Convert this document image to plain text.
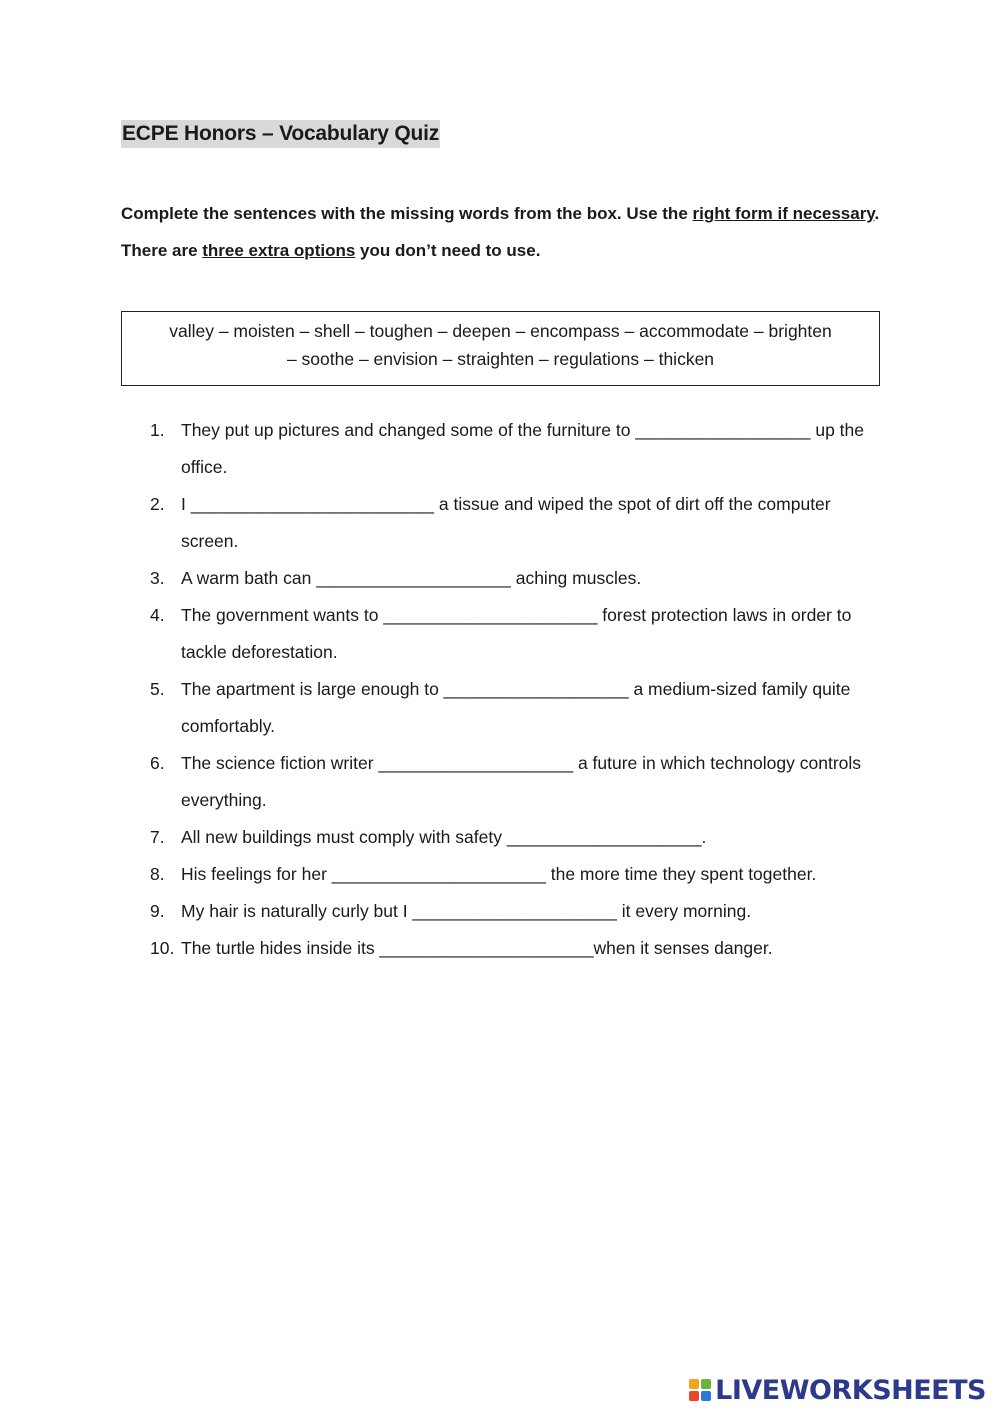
ECPE Honors – Vocabulary Quiz
Complete the sentences with the missing words from the box. Use the right form if necessary. There are three extra options you don’t need to use.
valley – moisten – shell – toughen – deepen – encompass – accommodate – brighten
– soothe – envision – straighten – regulations – thicken
1. They put up pictures and changed some of the furniture to __________________ up the office.
2. I _________________________ a tissue and wiped the spot of dirt off the computer screen.
3. A warm bath can ____________________ aching muscles.
4. The government wants to ______________________ forest protection laws in order to tackle deforestation.
5. The apartment is large enough to ___________________ a medium-sized family quite comfortably.
6. The science fiction writer ____________________ a future in which technology controls everything.
7. All new buildings must comply with safety ____________________.
8. His feelings for her ______________________ the more time they spent together.
9. My hair is naturally curly but I _____________________ it every morning.
10. The turtle hides inside its ______________________when it senses danger.
LIVEWORKSHEETS
